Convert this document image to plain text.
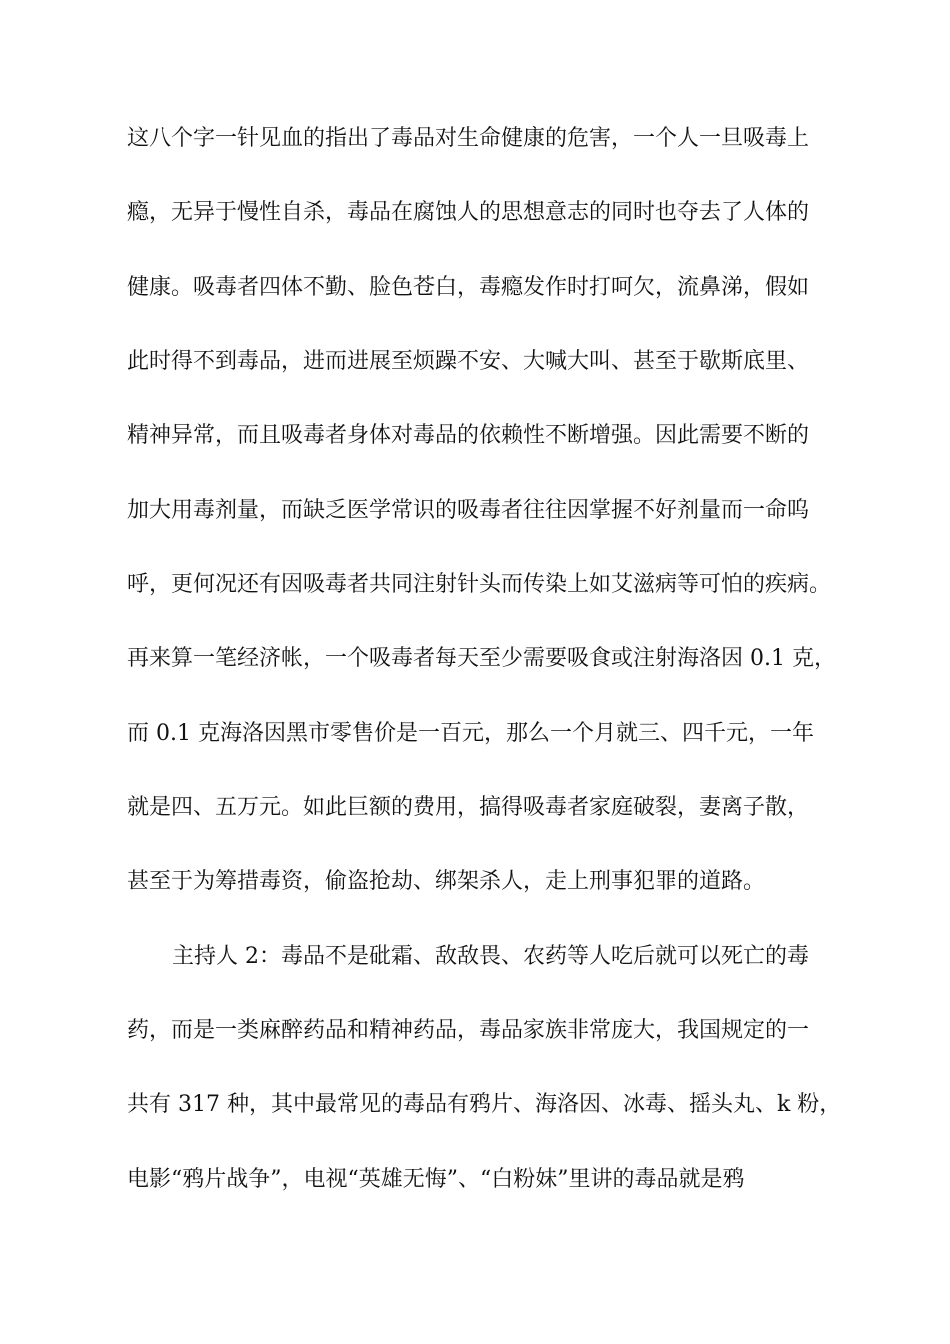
这八个字一针见血的指出了毒品对生命健康的危害，一个人一旦吸毒上

瘾，无异于慢性自杀，毒品在腐蚀人的思想意志的同时也夺去了人体的

健康。吸毒者四体不勤、脸色苍白，毒瘾发作时打呵欠，流鼻涕，假如

此时得不到毒品，进而进展至烦躁不安、大喊大叫、甚至于歇斯底里、

精神异常，而且吸毒者身体对毒品的依赖性不断增强。因此需要不断的

加大用毒剂量，而缺乏医学常识的吸毒者往往因掌握不好剂量而一命呜

呼，更何况还有因吸毒者共同注射针头而传染上如艾滋病等可怕的疾病。

再来算一笔经济帐，一个吸毒者每天至少需要吸食或注射海洛因 0.1 克，

而 0.1 克海洛因黑市零售价是一百元，那么一个月就三、四千元，一年

就是四、五万元。如此巨额的费用，搞得吸毒者家庭破裂，妻离子散，

甚至于为筹措毒资，偷盗抢劫、绑架杀人，走上刑事犯罪的道路。

主持人 2：毒品不是砒霜、敌敌畏、农药等人吃后就可以死亡的毒

药，而是一类麻醉药品和精神药品，毒品家族非常庞大，我国规定的一

共有 317 种，其中最常见的毒品有鸦片、海洛因、冰毒、摇头丸、k 粉，

电影“鸦片战争”，电视“英雄无悔”、“白粉妹”里讲的毒品就是鸦
